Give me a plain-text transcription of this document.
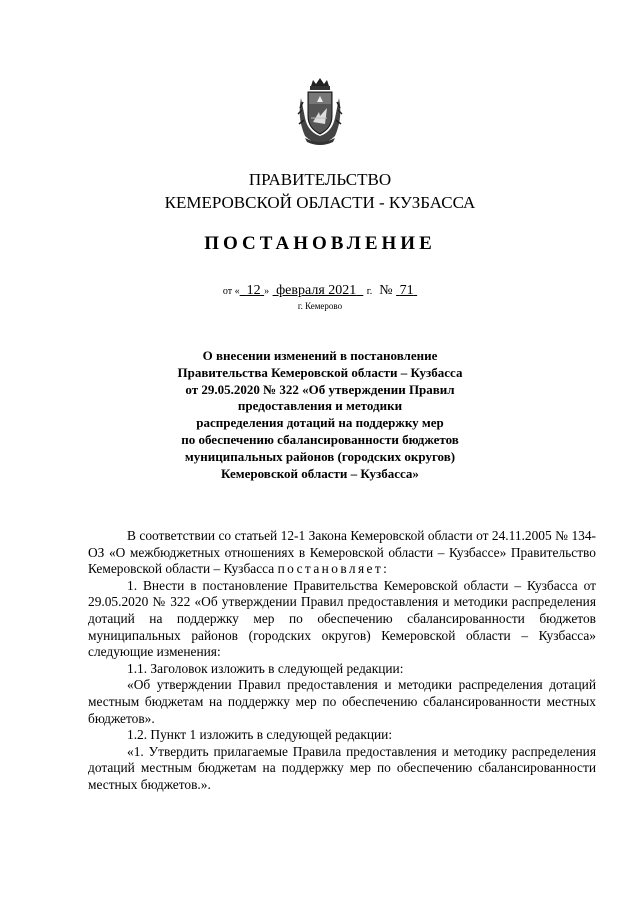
ПРАВИТЕЛЬСТВО
КЕМЕРОВСКОЙ ОБЛАСТИ - КУЗБАССА
ПОСТАНОВЛЕНИЕ
от « 12 » февраля 2021 г. № 71
г. Кемерово
О внесении изменений в постановление
Правительства Кемеровской области – Кузбасса
от 29.05.2020 № 322 «Об утверждении Правил
предоставления и методики
распределения дотаций на поддержку мер
по обеспечению сбалансированности бюджетов
муниципальных районов (городских округов)
Кемеровской области – Кузбасса»

В соответствии со статьей 12-1 Закона Кемеровской области от 24.11.2005 № 134-ОЗ «О межбюджетных отношениях в Кемеровской области – Кузбассе» Правительство Кемеровской области – Кузбасса постановляет:

1. Внести в постановление Правительства Кемеровской области – Кузбасса от 29.05.2020 № 322 «Об утверждении Правил предоставления и методики распределения дотаций на поддержку мер по обеспечению сбалансированности бюджетов муниципальных районов (городских округов) Кемеровской области – Кузбасса» следующие изменения:

1.1. Заголовок изложить в следующей редакции:

«Об утверждении Правил предоставления и методики распределения дотаций местным бюджетам на поддержку мер по обеспечению сбалансированности местных бюджетов».

1.2. Пункт 1 изложить в следующей редакции:

«1. Утвердить прилагаемые Правила предоставления и методику распределения дотаций местным бюджетам на поддержку мер по обеспечению сбалансированности местных бюджетов.».
